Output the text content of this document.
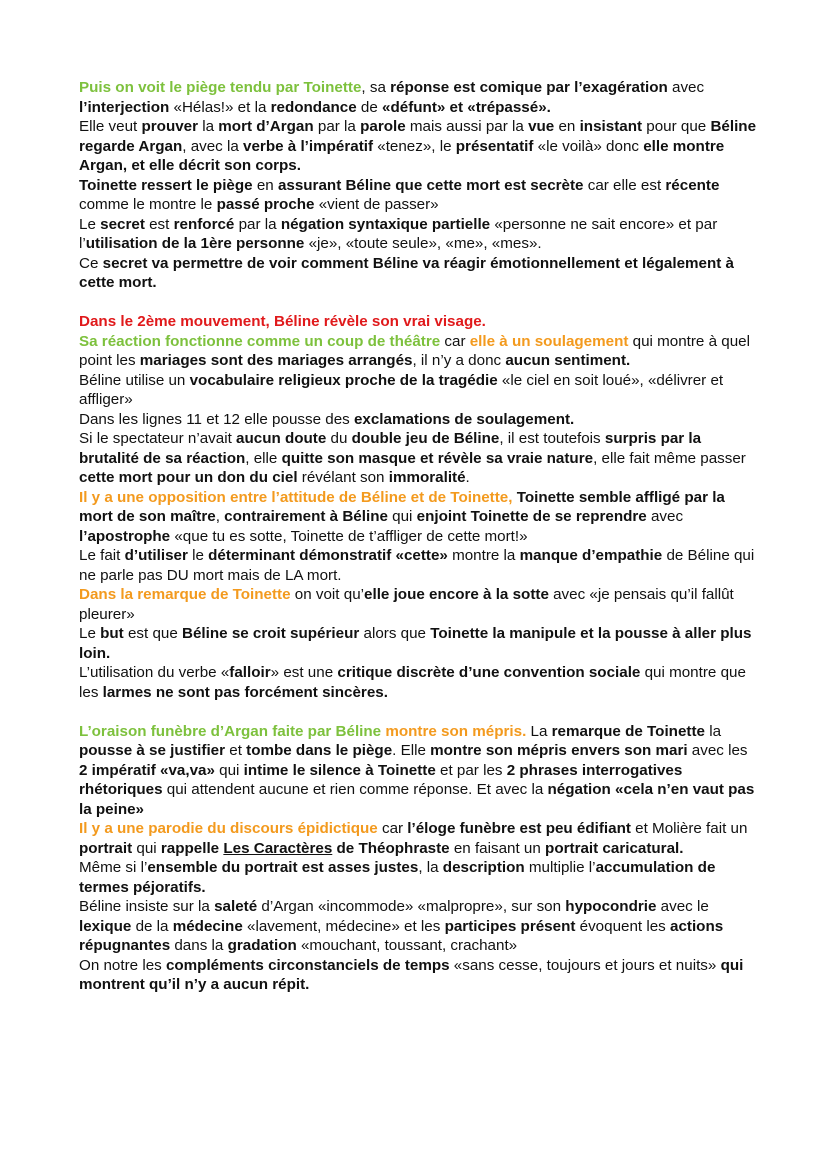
Puis on voit le piège tendu par Toinette, sa réponse est comique par l’exagération avec l’interjection «Hélas!» et la redondance de «défunt» et «trépassé».

Elle veut prouver la mort d’Argan par la parole mais aussi par la vue en insistant pour que Béline regarde Argan, avec la verbe à l’impératif «tenez», le présentatif «le voilà» donc elle montre Argan, et elle décrit son corps.

Toinette ressert le piège en assurant Béline que cette mort est secrète car elle est récente comme le montre le passé proche «vient de passer»

Le secret est renforcé par la négation syntaxique partielle «personne ne sait encore» et par l’utilisation de la 1ère personne «je», «toute seule», «me», «mes».

Ce secret va permettre de voir comment Béline va réagir émotionnellement et légalement à cette mort.

Dans le 2ème mouvement, Béline révèle son vrai visage.

Sa réaction fonctionne comme un coup de théâtre car elle à un soulagement qui montre à quel point les mariages sont des mariages arrangés, il n’y a donc aucun sentiment.

Béline utilise un vocabulaire religieux proche de la tragédie «le ciel en soit loué», «délivrer et affliger»

Dans les lignes 11 et 12 elle pousse des exclamations de soulagement.

Si le spectateur n’avait aucun doute du double jeu de Béline, il est toutefois surpris par la brutalité de sa réaction, elle quitte son masque et révèle sa vraie nature, elle fait même passer cette mort pour un don du ciel révélant son immoralité.

Il y a une opposition entre l’attitude de Béline et de Toinette, Toinette semble affligé par la mort de son maître, contrairement à Béline qui enjoint Toinette de se reprendre avec l’apostrophe «que tu es sotte, Toinette de t’affliger de cette mort!»

Le fait d’utiliser le déterminant démonstratif «cette» montre la manque d’empathie de Béline qui ne parle pas DU mort mais de LA mort.

Dans la remarque de Toinette on voit qu’elle joue encore à la sotte avec «je pensais qu’il fallût pleurer»

Le but est que Béline se croit supérieur alors que Toinette la manipule et la pousse à aller plus loin.

L’utilisation du verbe «falloir» est une critique discrète d’une convention sociale qui montre que les larmes ne sont pas forcément sincères.

L’oraison funèbre d’Argan faite par Béline montre son mépris. La remarque de Toinette la pousse à se justifier et tombe dans le piège. Elle montre son mépris envers son mari avec les 2 impératif «va,va» qui intime le silence à Toinette et par les 2 phrases interrogatives rhétoriques qui attendent aucune et rien comme réponse. Et avec la négation «cela n’en vaut pas la peine»

Il y a une parodie du discours épidictique car l’éloge funèbre est peu édifiant et Molière fait un portrait qui rappelle Les Caractères de Théophraste en faisant un portrait caricatural.

Même si l’ensemble du portrait est asses justes, la description multiplie l’accumulation de termes péjoratifs.

Béline insiste sur la saleté d’Argan «incommode» «malpropre», sur son hypocondrie avec le lexique de la médecine «lavement, médecine» et les participes présent évoquent les actions répugnantes dans la gradation «mouchant, toussant, crachant»

On notre les compléments circonstanciels de temps «sans cesse, toujours et jours et nuits» qui montrent qu’il n’y a aucun répit.
